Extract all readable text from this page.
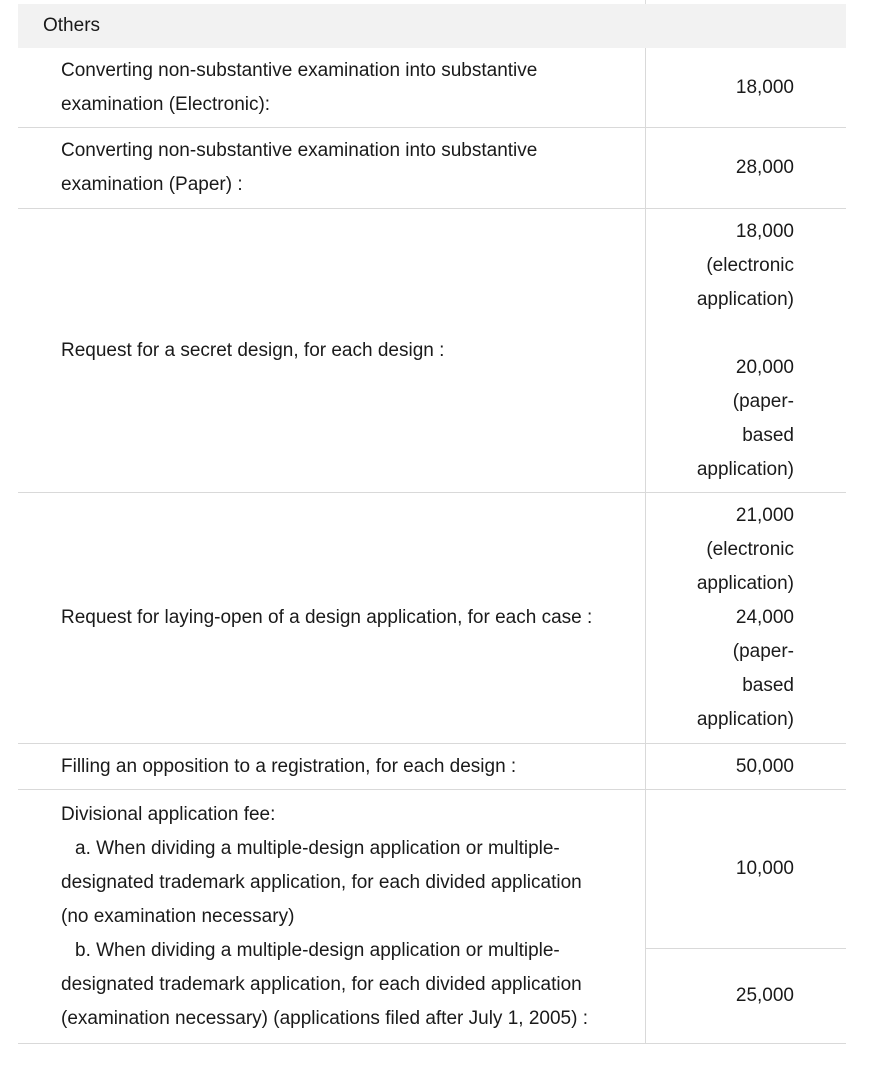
Others
Converting non-substantive examination into substantive
examination (Electronic):
18,000
Converting non-substantive examination into substantive
examination (Paper) :
28,000
Request for a secret design, for each design :
18,000
(electronic
application)
20,000
(paper-
based
application)
Request for laying-open of a design application, for each case :
21,000
(electronic
application)
24,000
(paper-
based
application)
Filling an opposition to a registration, for each design :	50,000
Divisional application fee:
a. When dividing a multiple-design application or multiple-
designated trademark application, for each divided application
(no examination necessary)
b. When dividing a multiple-design application or multiple-
designated trademark application, for each divided application
(examination necessary) (applications filed after July 1, 2005) :
10,000
25,000
